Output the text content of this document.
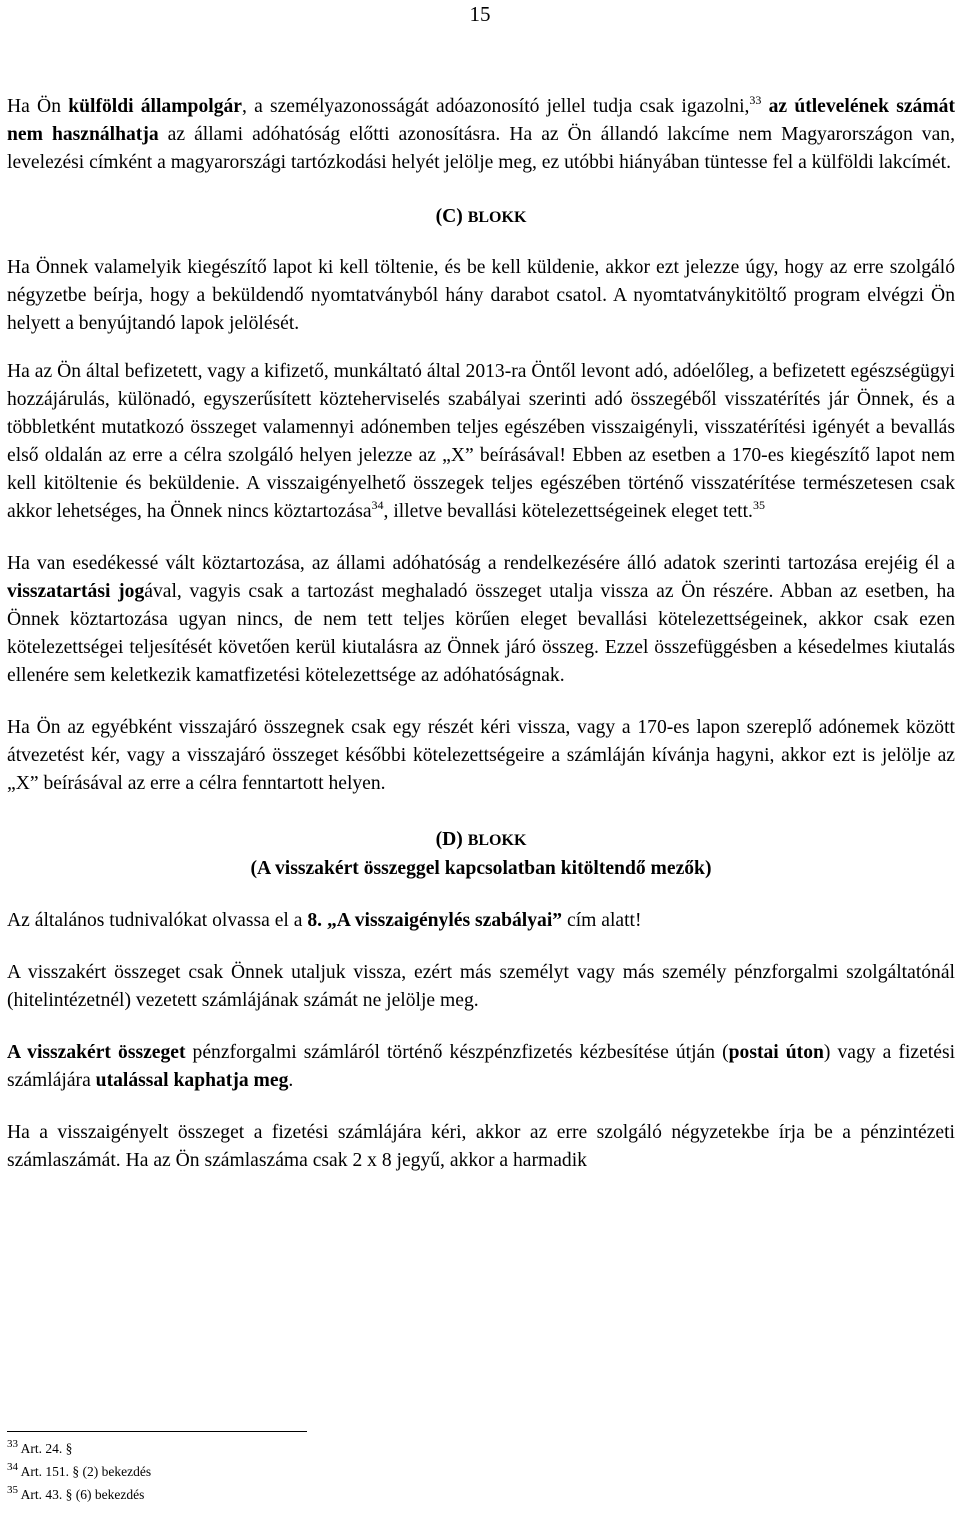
15

Ha Ön külföldi állampolgár, a személyazonosságát adóazonosító jellel tudja csak igazolni,$^{33}$ az útlevelének számát nem használhatja az állami adóhatóság előtti azonosításra. Ha az Ön állandó lakcíme nem Magyarországon van, levelezési címként a magyarországi tartózkodási helyét jelölje meg, ez utóbbi hiányában tüntesse fel a külföldi lakcímét.

(C) BLOKK

Ha Önnek valamelyik kiegészítő lapot ki kell töltenie, és be kell küldenie, akkor ezt jelezze úgy, hogy az erre szolgáló négyzetbe beírja, hogy a beküldendő nyomtatványból hány darabot csatol. A nyomtatványkitöltő program elvégzi Ön helyett a benyújtandó lapok jelölését.

Ha az Ön által befizetett, vagy a kifizető, munkáltató által 2013-ra Öntől levont adó, adóelőleg, a befizetett egészségügyi hozzájárulás, különadó, egyszerűsített közteherviselés szabályai szerinti adó összegéből visszatérítés jár Önnek, és a többletként mutatkozó összeget valamennyi adónemben teljes egészében visszaigényli, visszatérítési igényét a bevallás első oldalán az erre a célra szolgáló helyen jelezze az „X” beírásával! Ebben az esetben a 170-es kiegészítő lapot nem kell kitöltenie és beküldenie. A visszaigényelhető összegek teljes egészében történő visszatérítése természetesen csak akkor lehetséges, ha Önnek nincs köztartozása$^{34}$, illetve bevallási kötelezettségeinek eleget tett.$^{35}$

Ha van esedékessé vált köztartozása, az állami adóhatóság a rendelkezésére álló adatok szerinti tartozása erejéig él a visszatartási jogával, vagyis csak a tartozást meghaladó összeget utalja vissza az Ön részére. Abban az esetben, ha Önnek köztartozása ugyan nincs, de nem tett teljes körűen eleget bevallási kötelezettségeinek, akkor csak ezen kötelezettségei teljesítését követően kerül kiutalásra az Önnek járó összeg. Ezzel összefüggésben a késedelmes kiutalás ellenére sem keletkezik kamatfizetési kötelezettsége az adóhatóságnak.

Ha Ön az egyébként visszajáró összegnek csak egy részét kéri vissza, vagy a 170-es lapon szereplő adónemek között átvezetést kér, vagy a visszajáró összeget későbbi kötelezettségeire a számláján kívánja hagyni, akkor ezt is jelölje az „X” beírásával az erre a célra fenntartott helyen.

(D) BLOKK
(A visszakért összeggel kapcsolatban kitöltendő mezők)

Az általános tudnivalókat olvassa el a 8. „A visszaigénylés szabályai” cím alatt!

A visszakért összeget csak Önnek utaljuk vissza, ezért más személyt vagy más személy pénzforgalmi szolgáltatónál (hitelintézetnél) vezetett számlájának számát ne jelölje meg.

A visszakért összeget pénzforgalmi számláról történő készpénzfizetés kézbesítése útján (postai úton) vagy a fizetési számlájára utalással kaphatja meg.

Ha a visszaigényelt összeget a fizetési számlájára kéri, akkor az erre szolgáló négyzetekbe írja be a pénzintézeti számlaszámát. Ha az Ön számlaszáma csak 2 x 8 jegyű, akkor a harmadik

$^{33}$ Art. 24. §
$^{34}$ Art. 151. § (2) bekezdés
$^{35}$ Art. 43. § (6) bekezdés
